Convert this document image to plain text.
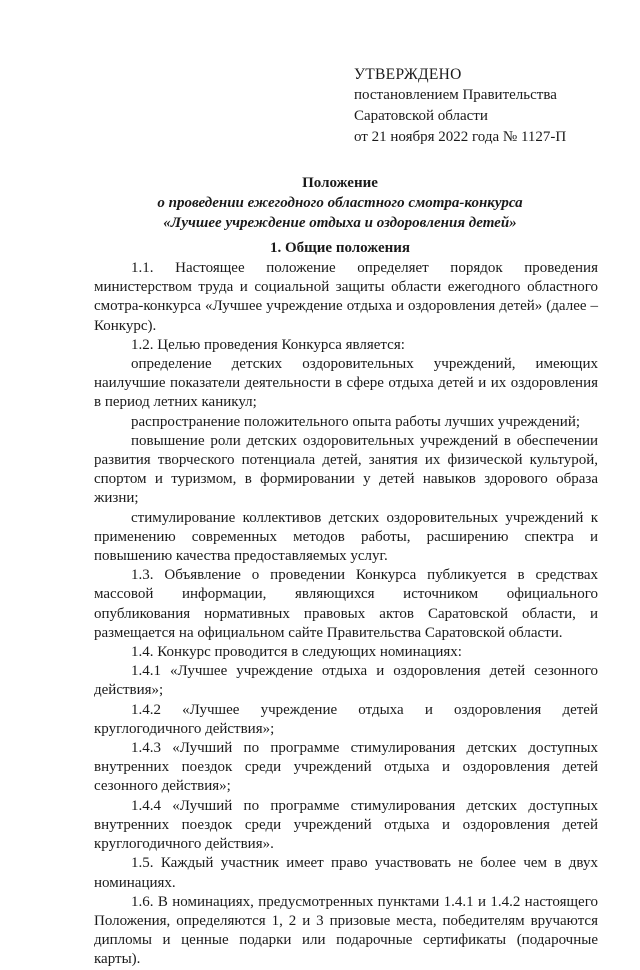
УТВЕРЖДЕНО
постановлением Правительства
Саратовской области
от 21 ноября 2022 года № 1127-П
Положение
о проведении ежегодного областного смотра-конкурса
«Лучшее учреждение отдыха и оздоровления детей»
1. Общие положения

1.1. Настоящее положение определяет порядок проведения министерством труда и социальной защиты области ежегодного областного смотра-конкурса «Лучшее учреждение отдыха и оздоровления детей» (далее – Конкурс).

1.2. Целью проведения Конкурса является:

определение детских оздоровительных учреждений, имеющих наилучшие показатели деятельности в сфере отдыха детей и их оздоровления в период летних каникул;

распространение положительного опыта работы лучших учреждений;

повышение роли детских оздоровительных учреждений в обеспечении развития творческого потенциала детей, занятия их физической культурой, спортом и туризмом, в формировании у детей навыков здорового образа жизни;

стимулирование коллективов детских оздоровительных учреждений к применению современных методов работы, расширению спектра и повышению качества предоставляемых услуг.

1.3. Объявление о проведении Конкурса публикуется в средствах массовой информации, являющихся источником официального опубликования нормативных правовых актов Саратовской области, и размещается на официальном сайте Правительства Саратовской области.

1.4. Конкурс проводится в следующих номинациях:

1.4.1 «Лучшее учреждение отдыха и оздоровления детей сезонного действия»;

1.4.2 «Лучшее учреждение отдыха и оздоровления детей круглогодичного действия»;

1.4.3 «Лучший по программе стимулирования детских доступных внутренних поездок среди учреждений отдыха и оздоровления детей сезонного действия»;

1.4.4 «Лучший по программе стимулирования детских доступных внутренних поездок среди учреждений отдыха и оздоровления детей круглогодичного действия».

1.5. Каждый участник имеет право участвовать не более чем в двух номинациях.

1.6. В номинациях, предусмотренных пунктами 1.4.1 и 1.4.2 настоящего Положения, определяются 1, 2 и 3 призовые места, победителям вручаются дипломы и ценные подарки или подарочные сертификаты (подарочные карты).
